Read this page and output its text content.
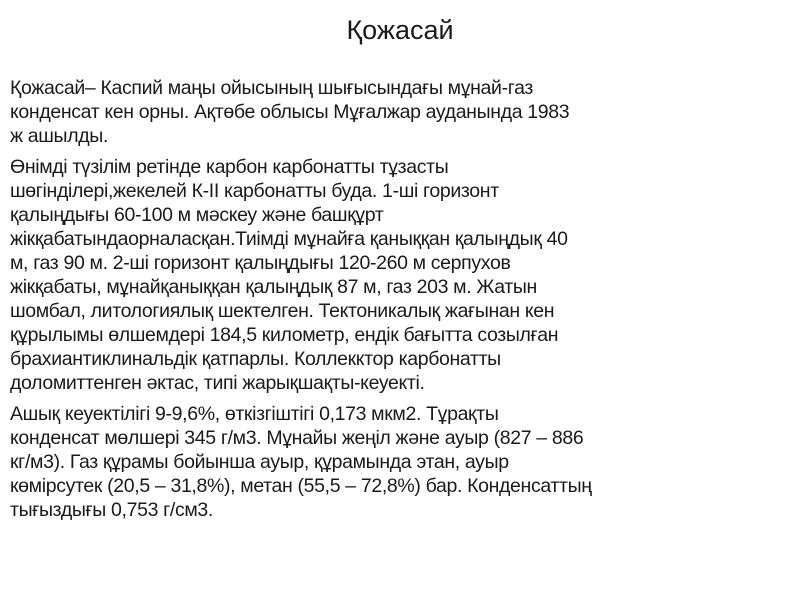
Қожасай

Қожасай– Каспий маңы ойысының шығысындағы мұнай-газ
конденсат кен орны. Ақтөбе облысы Мұғалжар ауданында 1983
ж ашылды.

Өнімді түзілім ретінде карбон карбонатты тұзасты
шөгінділері,жекелей К-ІІ карбонатты буда. 1-ші горизонт
қалыңдығы 60-100 м мәскеу және башқұрт
жікқабатындаорналасқан.Тиімді мұнайға қаныққан қалыңдық 40
м, газ 90 м. 2-ші горизонт қалыңдығы 120-260 м серпухов
жікқабаты, мұнайқаныққан қалыңдық 87 м, газ 203 м. Жатын
шомбал, литологиялық шектелген. Тектоникалық жағынан кен
құрылымы өлшемдері 184,5 километр, ендік бағытта созылған
брахиантиклинальдік қатпарлы. Коллекктор карбонатты
доломиттенген әктас, типі жарықшақты-кеуекті.

Ашық кеуектілігі 9-9,6%, өткізгіштігі 0,173 мкм2. Тұрақты
конденсат мөлшері 345 г/м3. Мұнайы жеңіл және ауыр (827 – 886
кг/м3). Газ құрамы бойынша ауыр, құрамында этан, ауыр
көмірсутек (20,5 – 31,8%), метан (55,5 – 72,8%) бар. Конденсаттың
тығыздығы 0,753 г/см3.
